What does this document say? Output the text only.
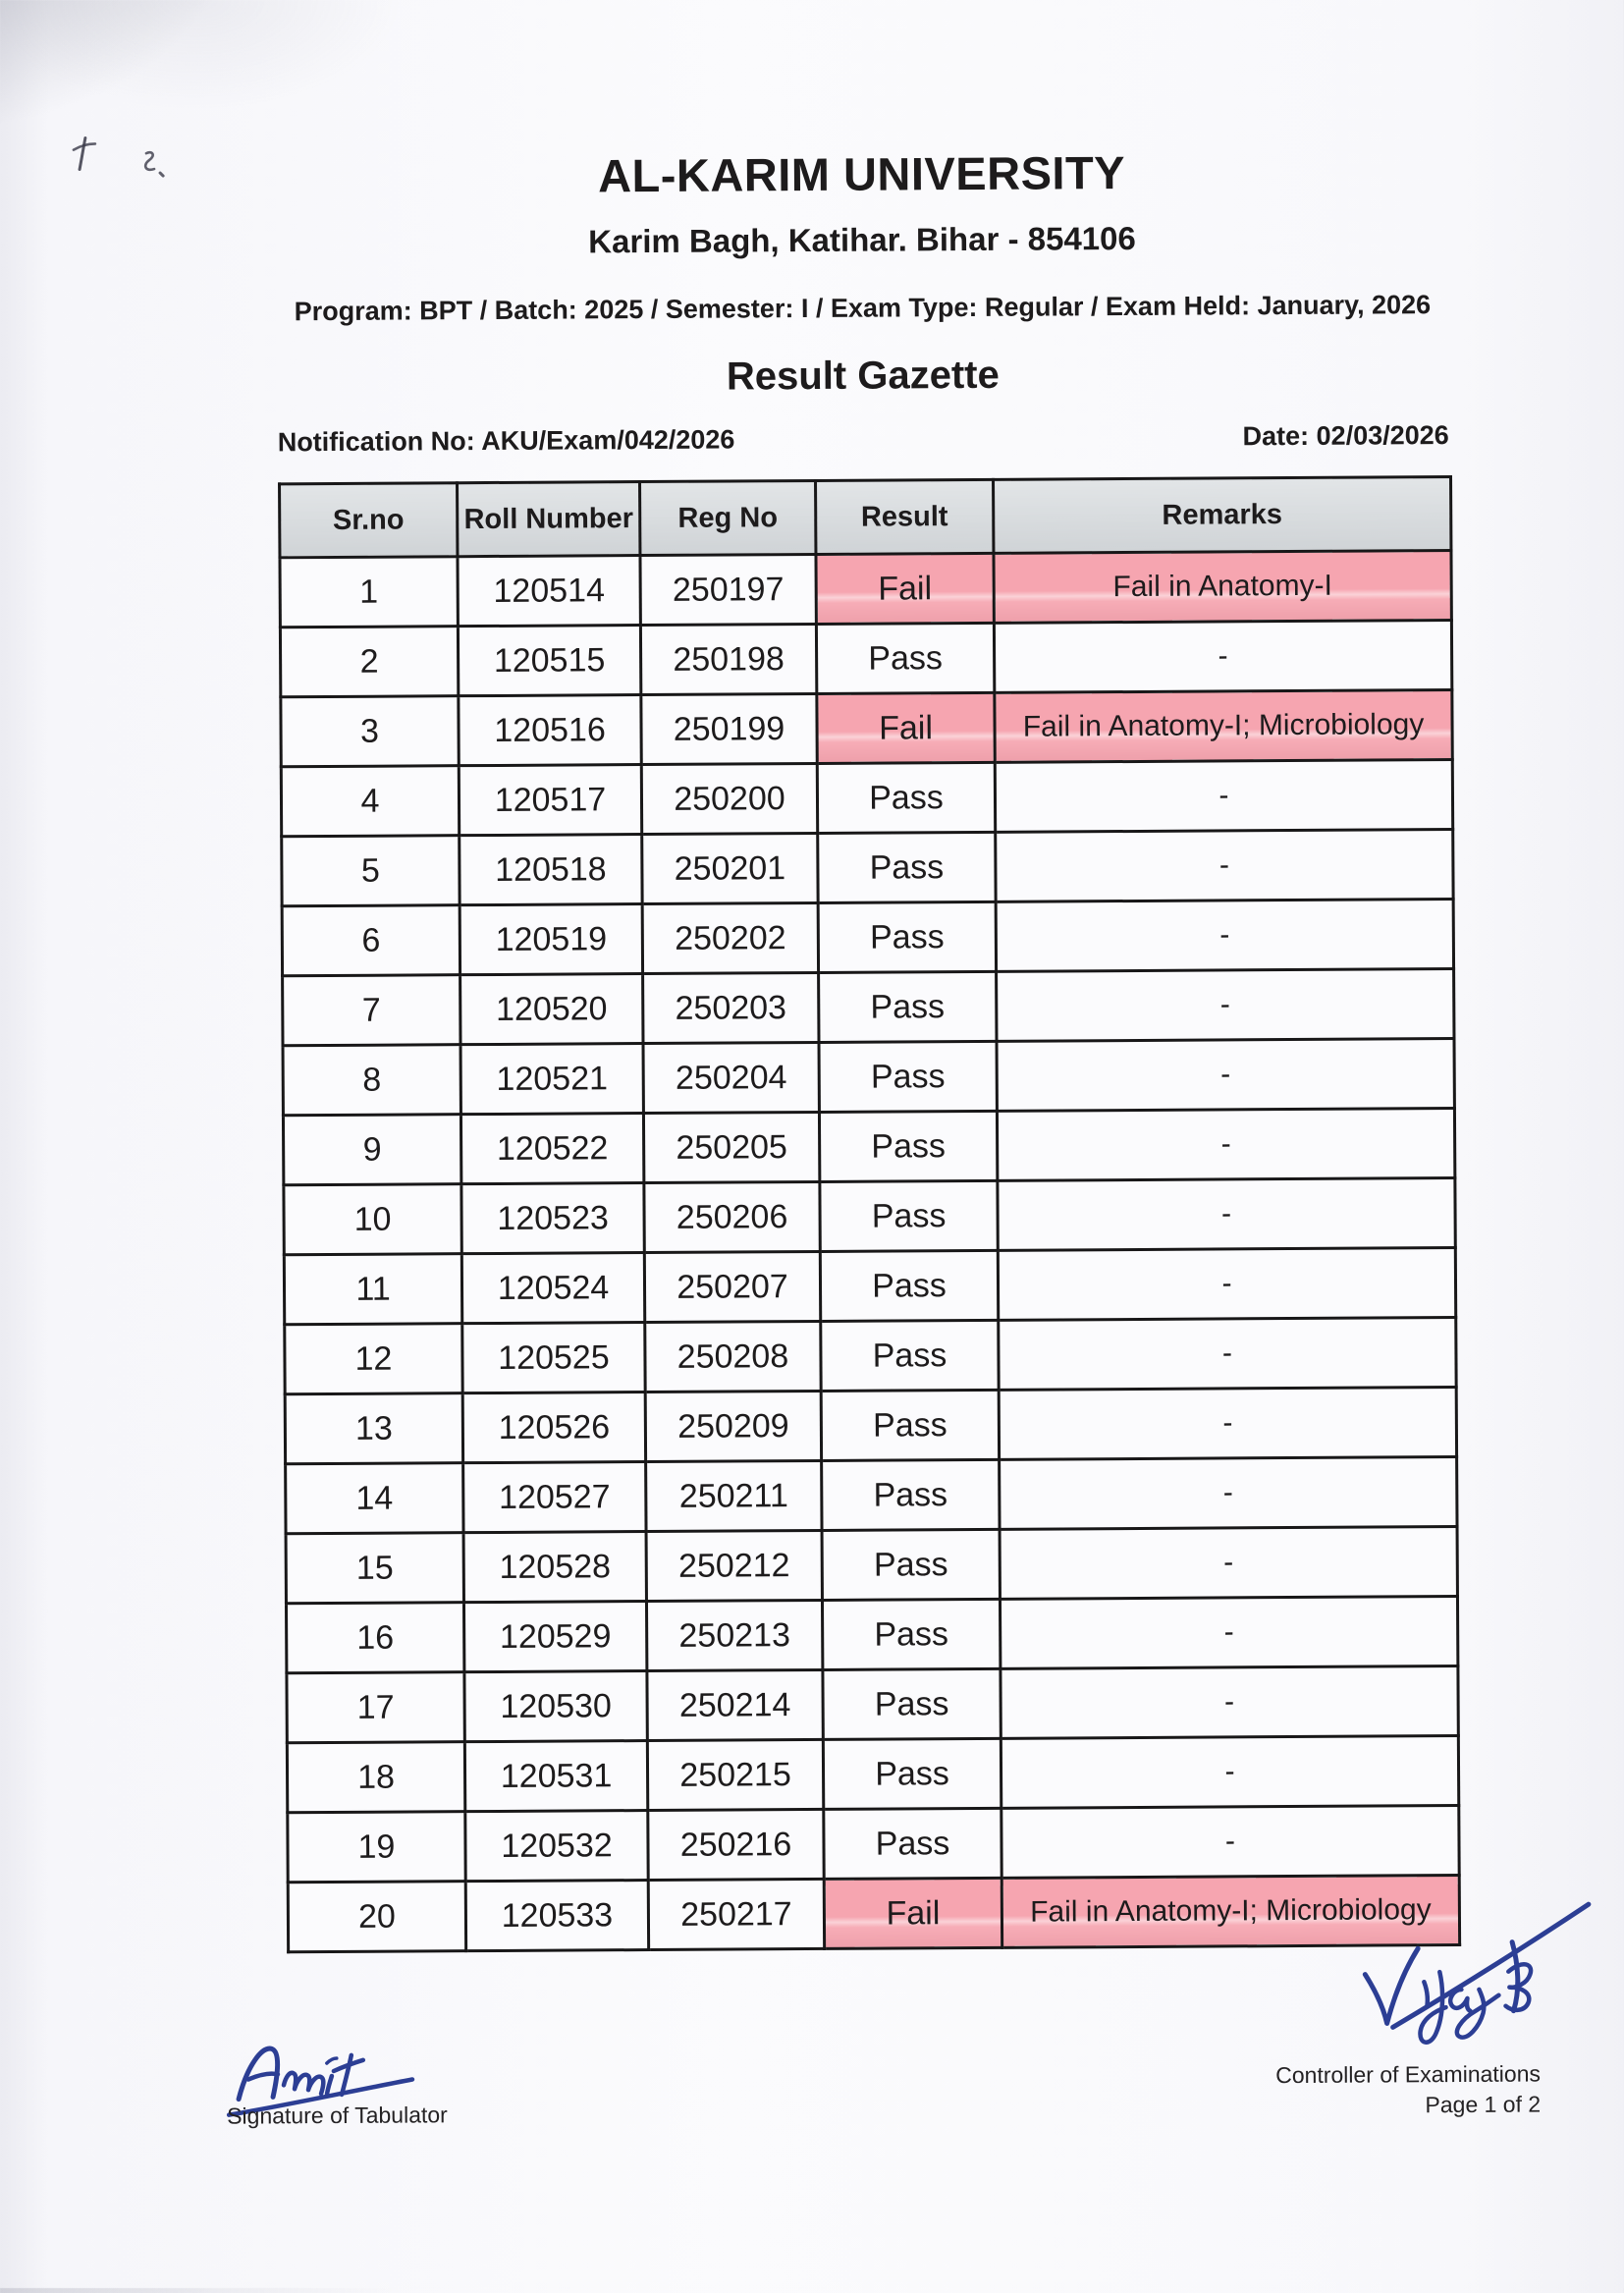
AL-KARIM UNIVERSITY
Karim Bagh, Katihar. Bihar - 854106
Program: BPT / Batch: 2025 / Semester: I / Exam Type: Regular / Exam Held: January, 2026
Result Gazette
Notification No: AKU/Exam/042/2026	Date: 02/03/2026
Sr.no	Roll Number	Reg No	Result	Remarks
1	120514	250197	Fail	Fail in Anatomy-I
2	120515	250198	Pass	-
3	120516	250199	Fail	Fail in Anatomy-I; Microbiology
4	120517	250200	Pass	-
5	120518	250201	Pass	-
6	120519	250202	Pass	-
7	120520	250203	Pass	-
8	120521	250204	Pass	-
9	120522	250205	Pass	-
10	120523	250206	Pass	-
11	120524	250207	Pass	-
12	120525	250208	Pass	-
13	120526	250209	Pass	-
14	120527	250211	Pass	-
15	120528	250212	Pass	-
16	120529	250213	Pass	-
17	120530	250214	Pass	-
18	120531	250215	Pass	-
19	120532	250216	Pass	-
20	120533	250217	Fail	Fail in Anatomy-I; Microbiology
Signature of Tabulator
Controller of Examinations
Page 1 of 2
